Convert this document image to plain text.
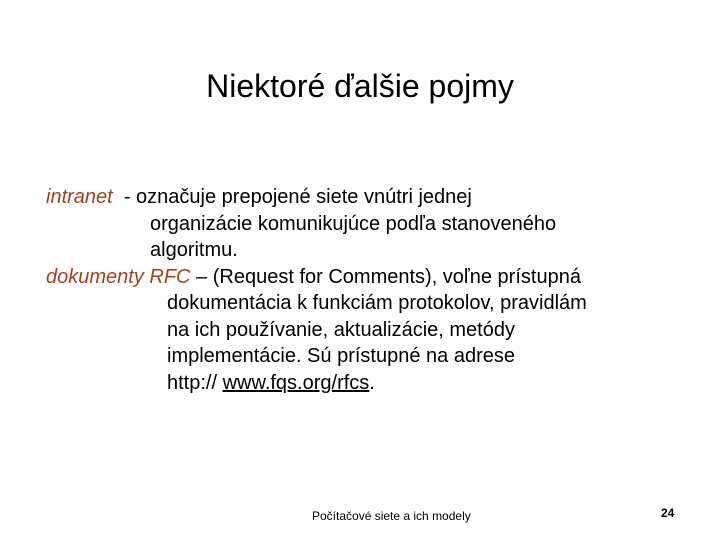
Niektoré ďalšie pojmy
intranet  - označuje prepojené siete vnútri jednej
organizácie komunikujúce podľa stanoveného
algoritmu.
dokumenty RFC – (Request for Comments), voľne prístupná
dokumentácia k funkciám protokolov, pravidlám
na ich používanie, aktualizácie, metódy
implementácie. Sú prístupné na adrese
http:// www.fqs.org/rfcs.
Počítačové siete a ich modely	24
